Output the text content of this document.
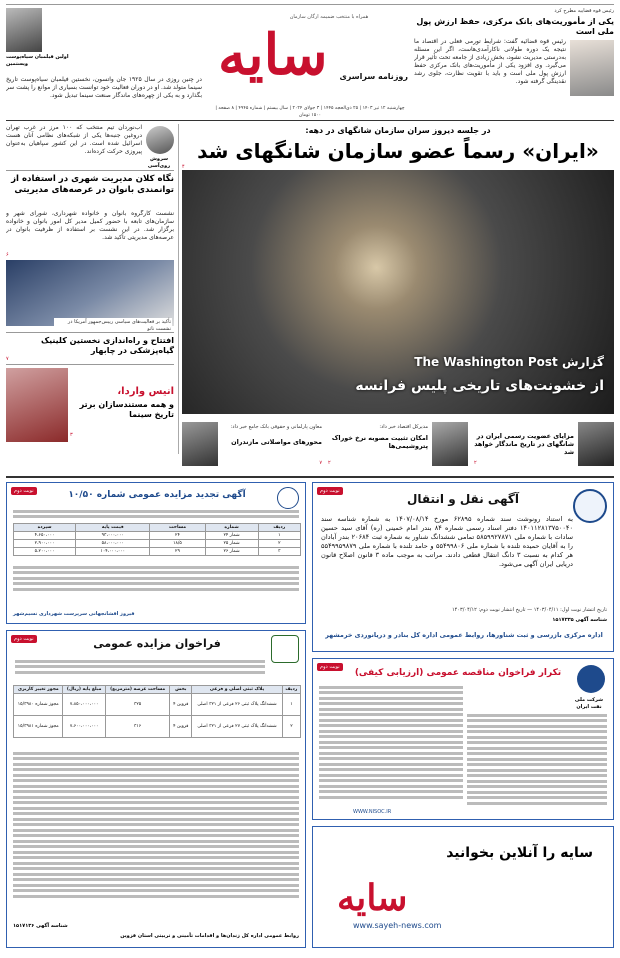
رئیس قوه قضاییه مطرح کرد
یکی از مأموریت‌های بانک مرکزی، حفظ ارزش پول ملی است
رئیس قوه قضائیه گفت: شرایط تورمی فعلی در اقتصاد ما نتیجه یک دوره طولانی ناکارآمدی‌هاست، اگر این مسئله به‌درستی مدیریت نشود، بخش زیادی از جامعه تحت تأثیر قرار می‌گیرد. وی افزود یکی از مأموریت‌های بانک مرکزی حفظ ارزش پول ملی است و باید با تقویت نظارت، جلوی رشد نقدینگی گرفته شود.
همراه با منتخب ضمیمه ارگان سازمان
سایه روزنامه سراسری
چهارشنبه ۱۲ تیر ۱۴۰۳ | ۲۵ ذی‌الحجه ۱۴۴۵ | ۳ جولای ۲۰۲۴ | سال بیستم | شماره ۴۹۴۵ | ۸ صفحه | ۱۵۰۰ تومان
اولین فیلمبان سیاه‌پوست ویستمین
در چنین روزی در سال ۱۹۲۵ جان واتسون، نخستین فیلمبان سیاه‌پوست تاریخ سینما متولد شد. او در دوران فعالیت خود توانست بسیاری از موانع را پشت سر بگذارد و به یکی از چهره‌های ماندگار صنعت سینما تبدیل شود.
سروش روی‌آسی
آب‌نوردان تیم منتخب که ۱۰۰ مرز در غرب تهران دروغین جنبه‌ها یکی از شبکه‌های نظامی آنان هست اسرائیل شده است. در این کشور سپاهیان به‌عنوان پیروزی حرکت کرده‌اند.
نگاه کلان مدیریت شهری در استفاده از توانمندی بانوان در عرصه‌های مدیریتی
نشست کارگروه بانوان و خانواده شهرداری، شورای شهر و سازمان‌های تابعه با حضور کمیل مدیر کل امور بانوان و خانواده برگزار شد. در این نشست بر استفاده از ظرفیت بانوان در عرصه‌های مدیریتی تأکید شد.
۶
تأکید بر فعالیت‌های سیاسی رییس‌جمهور آمریکا در نشست ناتو
افتتاح و راه‌اندازی نخستین کلینیک گیاه‌پزشکی در چابهار
۷
انیس واردا،
و همه مستندسازان برتر تاریخ سینما
۳
در جلسه دیروز سران سازمان شانگهای در دهه:
«ایران» رسماً عضو سازمان شانگهای شد
۴
گزارش The Washington Post
از خشونت‌های تاریخی پلیس فرانسه
مزایای عضویت رسمی ایران در شانگهای در تاریخ ماندگار خواهد شد
۲
مدیرکل اقتصاد خبر داد:
امکان تثبیت مصوبه نرخ خوراک پتروشیمی‌ها
۲
معاون پارلمانی و حقوقی بانک جامع خبر داد:
محورهای مواصلاتی مازندران
۷
نوبت دوم
آگهی نقل و انتقال
به استناد رونوشت سند شماره ۶۲۸۹۵ مورخ ۱۴۰۷/۰۸/۱۴ به شماره شناسه سند ۱۴۰۱۱۲۸۱۳۷۵۰۰۴۰ دفتر اسناد رسمی شماره ۸۴ بندر امام خمینی (ره) آقای سید حسین سادات با شماره ملی ۵۸۵۹۹۲۷۸۷۱ تمامی ششدانگ شناور به شماره ثبت ۲۰۶۸۴ بندر آبادان را به آقایان حمیده تلنده با شماره ملی ۵۵۴۹۹۸۰۶ و حامد تلنده با شماره ملی ۵۵۴۹۹۵۹۸۷۹ هر کدام به نسبت ۳ دانگ انتقال قطعی دادند. مراتب به موجب ماده ۳ قانون اصلاح قانون دریایی ایران آگهی می‌شود.
تاریخ انتشار نوبت اول: ۱۴۰۳/۰۴/۱۱ — تاریخ انتشار نوبت دوم: ۱۴۰۳/۰۴/۱۲
شناسه آگهی ۱۵۱۷۳۳۵
اداره مرکزی بازرسی و ثبت شناورها، روابط عمومی اداره کل بنادر و دریانوردی خرمشهر
نوبت دوم	آگهی تجدید مزایده عمومی شماره ۱۰/۵۰
ردیف	شماره	مساحت	قیمت پایه	سپرده
۱	شمار ۲۴	۲۴	۹۳،۰۰۰،۰۰۰	۴،۶۵۰،۰۰۰
۲	شمار ۲۵	۱۸/۵	۵۸،۰۰۰،۰۰۰	۲،۹۰۰،۰۰۰
۳	شمار ۲۶	۲۹	۱۰۴،۰۰۰،۰۰۰	۵،۲۰۰،۰۰۰
فیروز افشانجهانی سرپرست شهرداری نسیم‌شهر
نوبت دوم
تکرار فراخوان مناقصه عمومی (ارزیابی کیفی)
شرکت ملی نفت ایران
WWW.NISOC.IR
نوبت دوم	فراخوان مزایده عمومی
ردیف	پلاک ثبتی اصلی و فرعی	بخش	مساحت عرصه (مترمربع)	مبلغ پایه (ریال)	مجوز تغییر کاربری
۱	ششدانگ پلاک ثبتی ۲۶ فرعی از ۳۲۱ اصلی	قزوین ۴	۳۲۵	۷،۸۵۰،۰۰۰،۰۰۰	مجوز شماره ۱۵/۳۹۸۰
۲	ششدانگ پلاک ثبتی ۲۷ فرعی از ۳۲۱ اصلی	قزوین ۴	۳۱۶	۷،۶۰۰،۰۰۰،۰۰۰	مجوز شماره ۱۵/۳۹۸۱
شناسه آگهی ۱۵۱۷۱۳۶
روابط عمومی اداره کل زندان‌ها و اقدامات تأمینی و تربیتی استان قزوین
سایه را آنلاین بخوانید
سایه
www.sayeh-news.com
